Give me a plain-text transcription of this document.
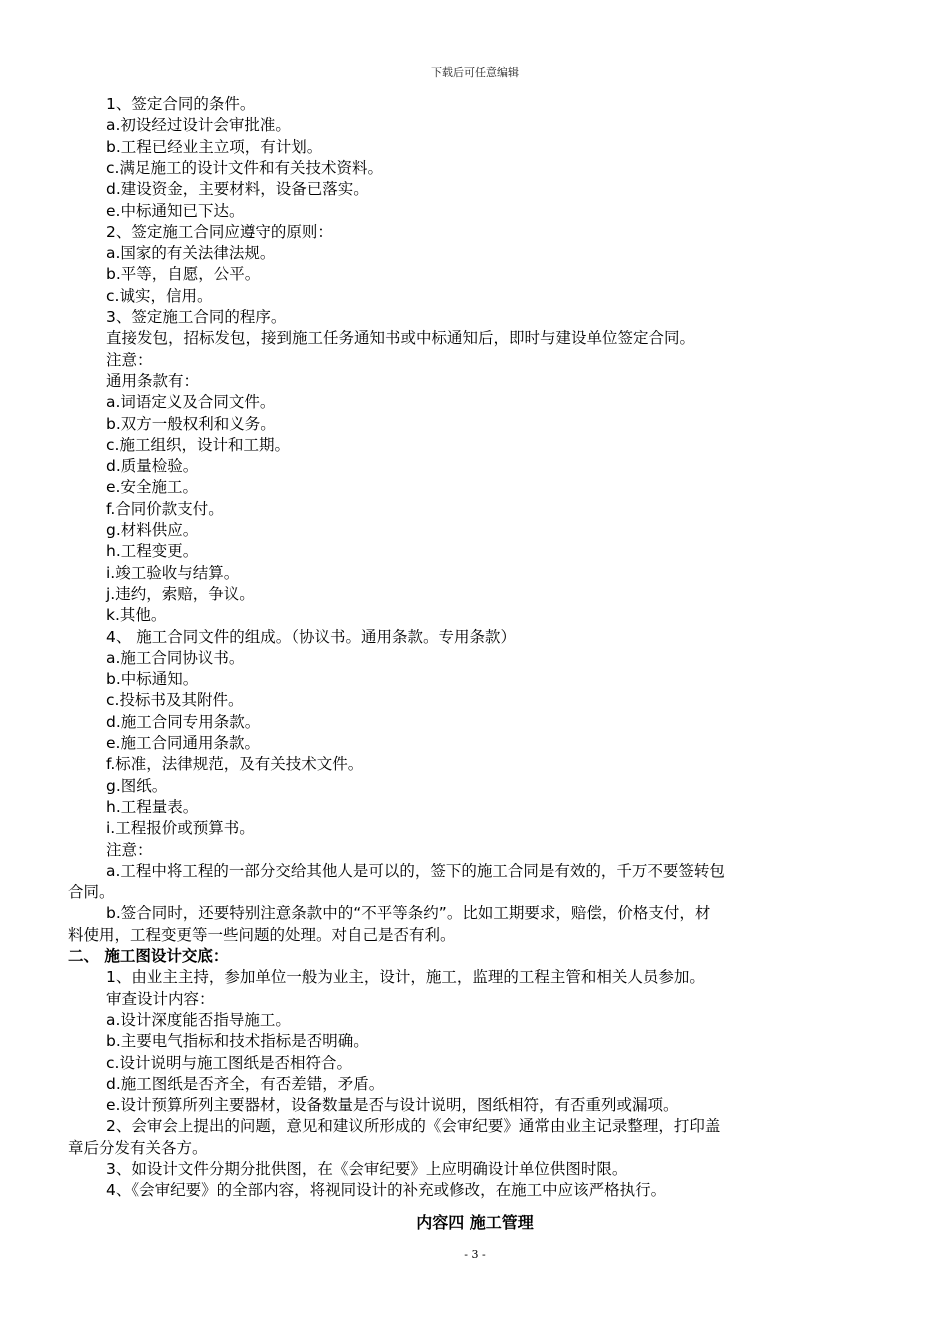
下载后可任意编辑
1、签定合同的条件。
a.初设经过设计会审批准。
b.工程已经业主立项，有计划。
c.满足施工的设计文件和有关技术资料。
d.建设资金，主要材料，设备已落实。
e.中标通知已下达。
2、签定施工合同应遵守的原则：
a.国家的有关法律法规。
b.平等，自愿，公平。
c.诚实，信用。
3、签定施工合同的程序。
直接发包，招标发包，接到施工任务通知书或中标通知后，即时与建设单位签定合同。
注意：
通用条款有：
a.词语定义及合同文件。
b.双方一般权利和义务。
c.施工组织，设计和工期。
d.质量检验。
e.安全施工。
f.合同价款支付。
g.材料供应。
h.工程变更。
i.竣工验收与结算。
j.违约，索赔，争议。
k.其他。
4、 施工合同文件的组成。（协议书。通用条款。专用条款）
a.施工合同协议书。
b.中标通知。
c.投标书及其附件。
d.施工合同专用条款。
e.施工合同通用条款。
f.标准，法律规范，及有关技术文件。
g.图纸。
h.工程量表。
i.工程报价或预算书。
注意：
a.工程中将工程的一部分交给其他人是可以的，签下的施工合同是有效的，千万不要签转包
合同。
b.签合同时，还要特别注意条款中的“不平等条约”。比如工期要求，赔偿，价格支付，材
料使用，工程变更等一些问题的处理。对自己是否有利。
二、 施工图设计交底：
1、由业主主持，参加单位一般为业主，设计，施工，监理的工程主管和相关人员参加。
审查设计内容：
a.设计深度能否指导施工。
b.主要电气指标和技术指标是否明确。
c.设计说明与施工图纸是否相符合。
d.施工图纸是否齐全，有否差错，矛盾。
e.设计预算所列主要器材，设备数量是否与设计说明，图纸相符，有否重列或漏项。
2、会审会上提出的问题，意见和建议所形成的《会审纪要》通常由业主记录整理，打印盖
章后分发有关各方。
3、如设计文件分期分批供图，在《会审纪要》上应明确设计单位供图时限。
4、《会审纪要》的全部内容，将视同设计的补充或修改，在施工中应该严格执行。
内容四 施工管理
- 3 -
